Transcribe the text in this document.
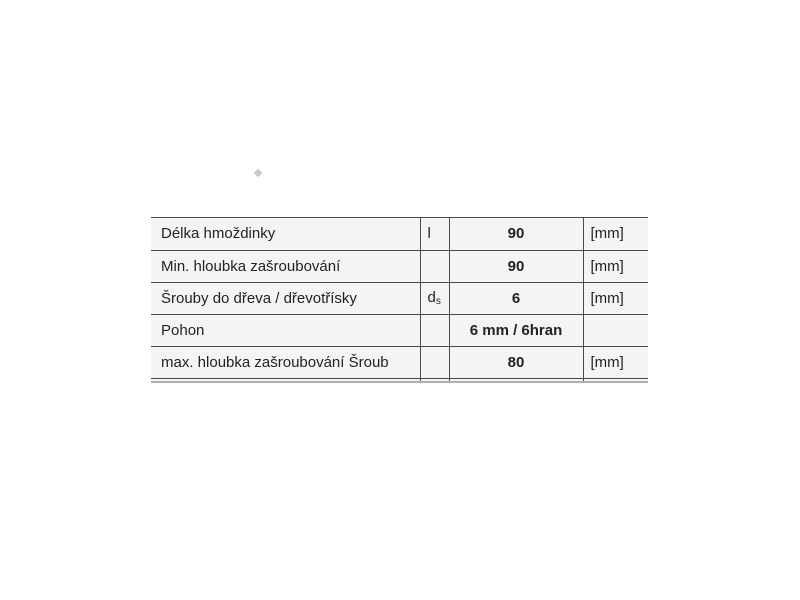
Délka hmoždinky	l	90	[mm]
Min. hloubka zašroubování		90	[mm]
Šrouby do dřeva / dřevotřísky	$d_s$	6	[mm]
Pohon		6 mm / 6hran	
max. hloubka zašroubování Šroub		80	[mm]
